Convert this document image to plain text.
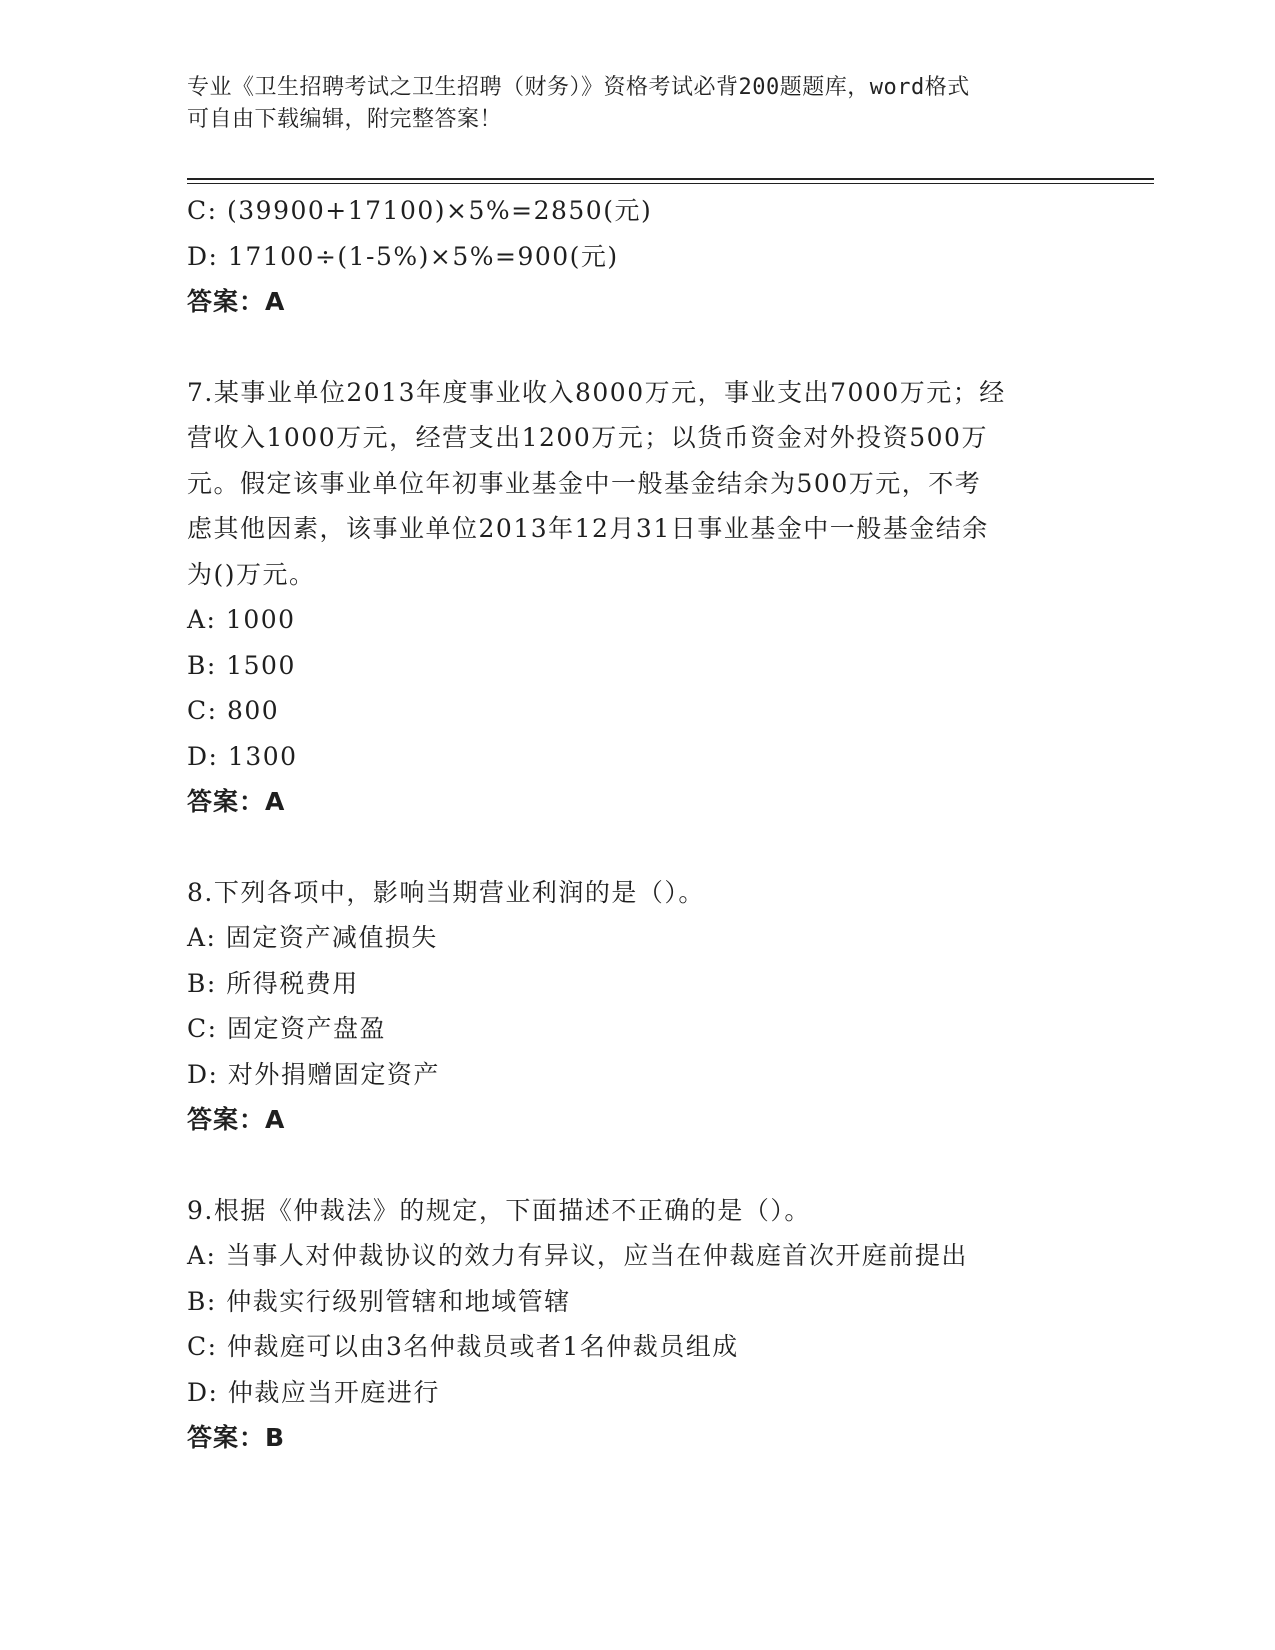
专业《卫生招聘考试之卫生招聘（财务）》资格考试必背200题题库，word格式
可自由下载编辑，附完整答案！
C: (39900+17100)×5%=2850(元)
D: 17100÷(1-5%)×5%=900(元)
答案：A
7.某事业单位2013年度事业收入8000万元，事业支出7000万元；经
营收入1000万元，经营支出1200万元；以货币资金对外投资500万
元。假定该事业单位年初事业基金中一般基金结余为500万元，不考
虑其他因素，该事业单位2013年12月31日事业基金中一般基金结余
为()万元。
A: 1000
B: 1500
C: 800
D: 1300
答案：A
8.下列各项中，影响当期营业利润的是（）。
A: 固定资产减值损失
B: 所得税费用
C: 固定资产盘盈
D: 对外捐赠固定资产
答案：A
9.根据《仲裁法》的规定，下面描述不正确的是（）。
A: 当事人对仲裁协议的效力有异议，应当在仲裁庭首次开庭前提出
B: 仲裁实行级别管辖和地域管辖
C: 仲裁庭可以由3名仲裁员或者1名仲裁员组成
D: 仲裁应当开庭进行
答案：B
